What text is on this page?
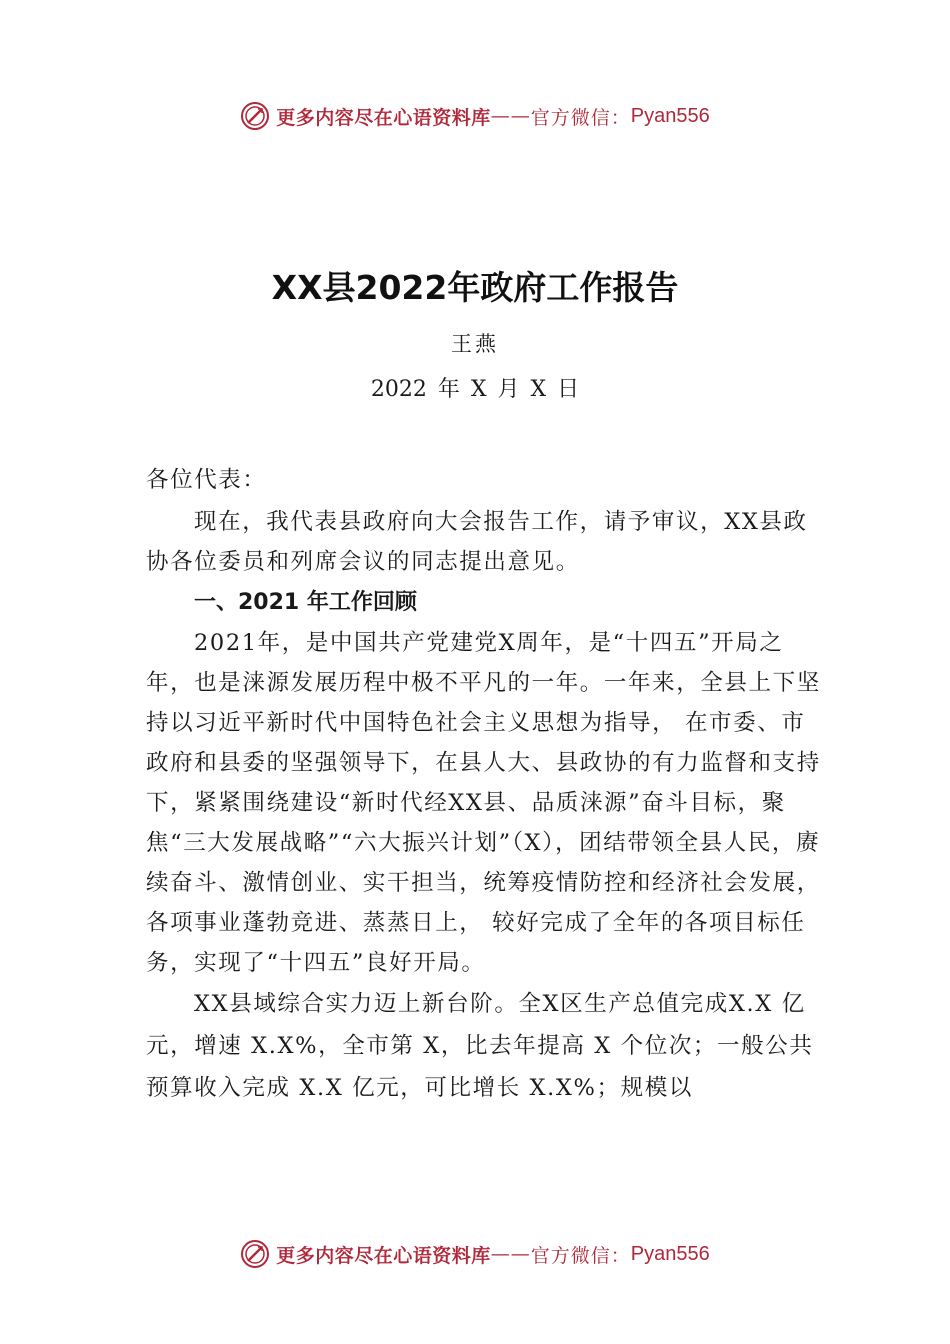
更多内容尽在心语资料库 —— 官方微信： Pyan556
XX县2022年政府工作报告
王燕
2022 年 X 月 X 日
各位代表：
现在，我代表县政府向大会报告工作，请予审议，XX县政协各位委员和列席会议的同志提出意见。
一、2021 年工作回顾
2021年，是中国共产党建党X周年，是“十四五”开局之年，也是涞源发展历程中极不平凡的一年。一年来，全县上下坚持以习近平新时代中国特色社会主义思想为指导， 在市委、市政府和县委的坚强领导下，在县人大、县政协的有力监督和支持下，紧紧围绕建设“新时代经XX县、品质涞源”奋斗目标，聚焦“三大发展战略”“六大振兴计划”（X），团结带领全县人民，赓续奋斗、激情创业、实干担当，统筹疫情防控和经济社会发展，各项事业蓬勃竞进、蒸蒸日上， 较好完成了全年的各项目标任务，实现了“十四五”良好开局。
XX县域综合实力迈上新台阶。全X区生产总值完成X.X 亿元，增速 X.X%，全市第 X，比去年提高 X 个位次；一般公共预算收入完成 X.X 亿元，可比增长 X.X%；规模以
更多内容尽在心语资料库 —— 官方微信： Pyan556
